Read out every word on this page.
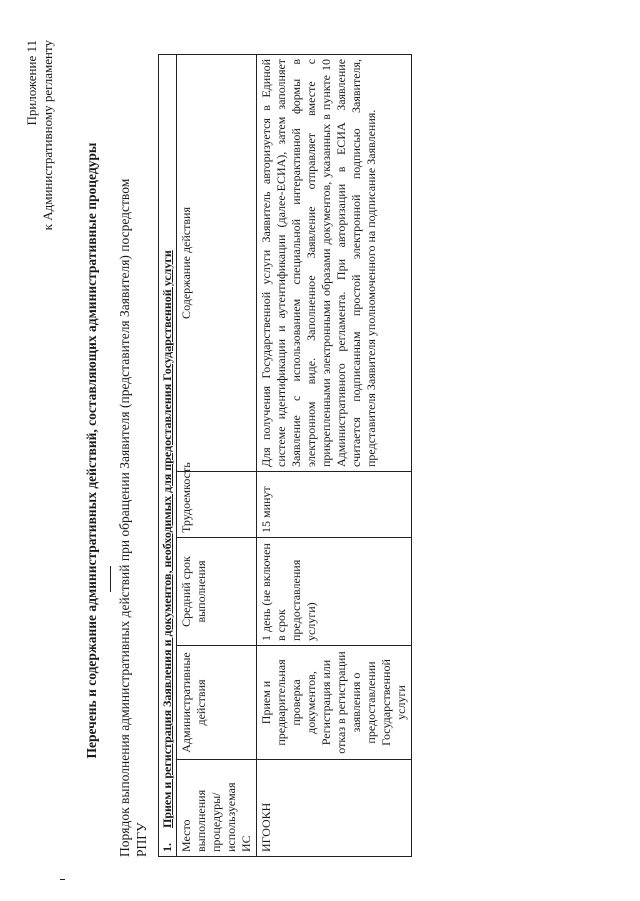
Приложение 11 к Административному регламенту
Перечень и содержание административных действий, составляющих административные процедуры Порядок выполнения административных действий при обращении Заявителя (представителя Заявителя) посредством РПГУ 1.     Прием и регистрация Заявления и документов, необходимых для предоставления Государственной услуги				
Место выполнения процедуры/ используемая ИС	Административные действия	Средний срок выполнения	Трудоемкость	Содержание действия
ИГООКН	Прием и предварительная проверка документов, Регистрация или отказ в регистрации заявления о предоставлении Государственной услуги	1 день (не включен в срок предоставления услуги)	15 минут	Для получения Государственной услуги Заявитель авторизуется в Единой системе идентификации и аутентификации (далее-ЕСИА), затем заполняет Заявление с использованием специальной интерактивной формы в электронном виде. Заполненное Заявление отправляет вместе с прикрепленными электронными образами документов, указанных в пункте 10 Административного регламента. При авторизации в ЕСИА Заявление считается подписанным простой электронной подписью Заявителя, представителя Заявителя уполномоченного на подписание Заявления.
